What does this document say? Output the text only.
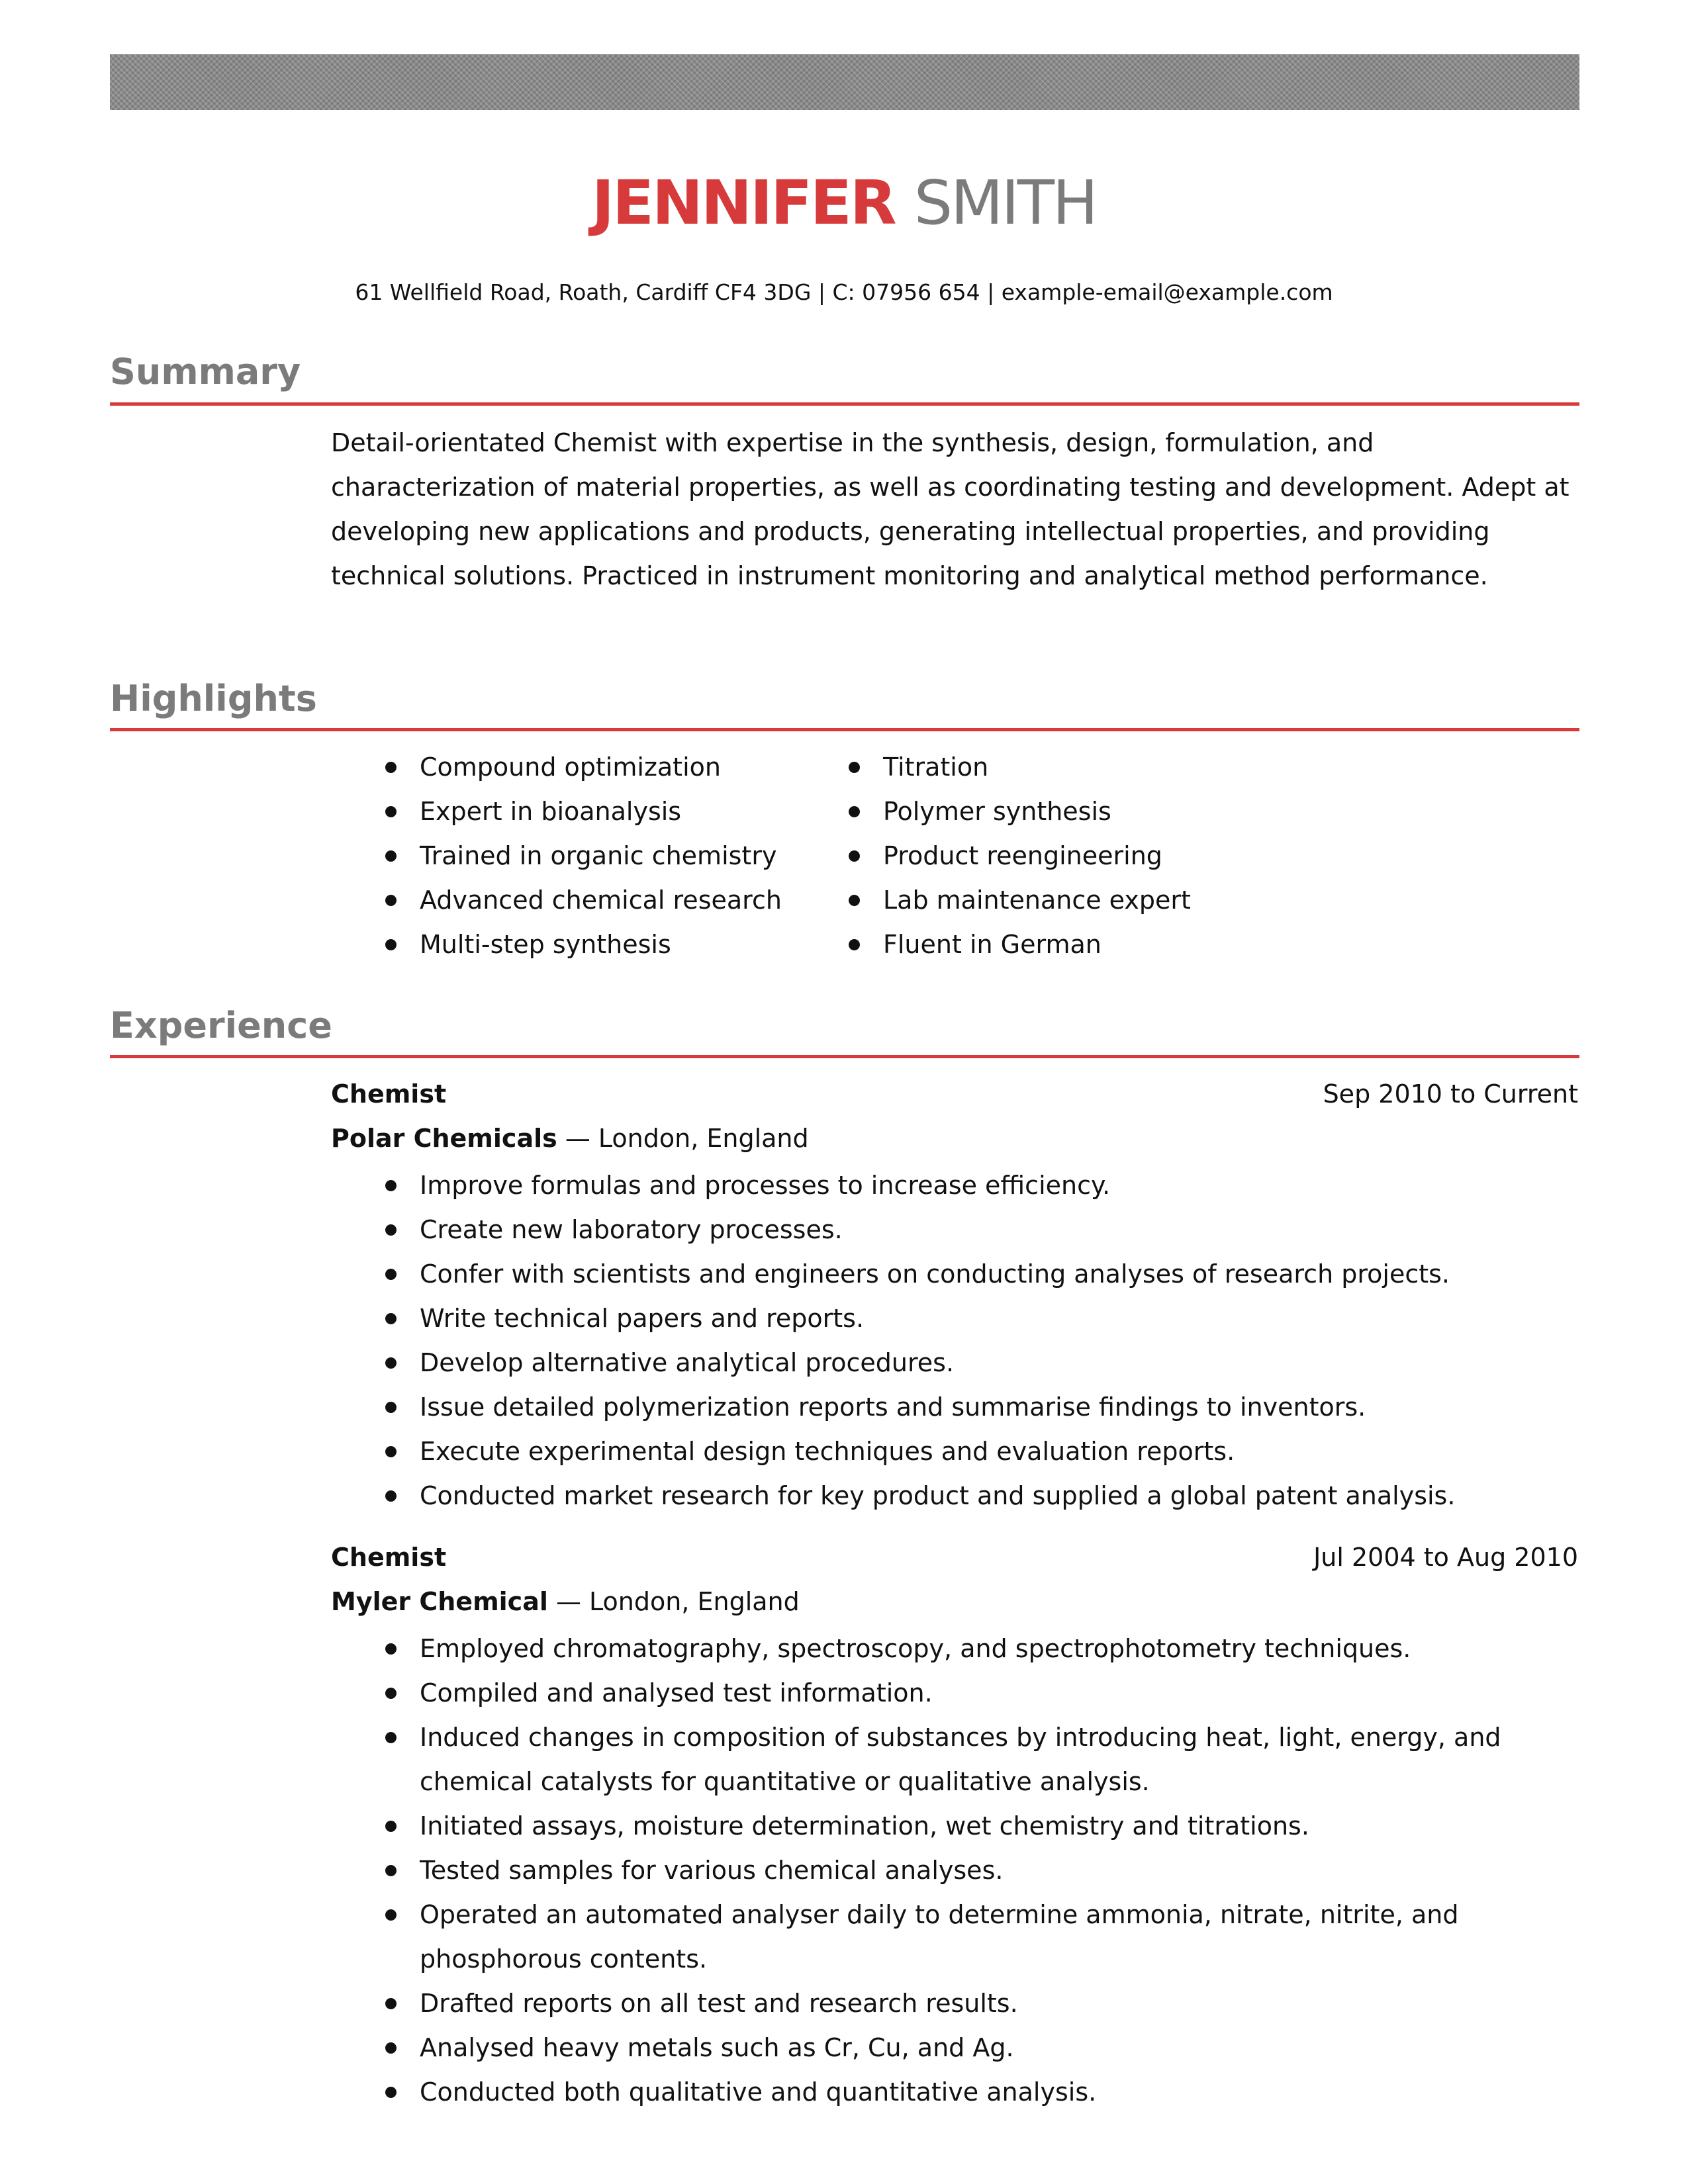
JENNIFER SMITH
61 Wellfield Road, Roath, Cardiff CF4 3DG | C: 07956 654 | example-email@example.com
Summary

Detail-orientated Chemist with expertise in the synthesis, design, formulation, and characterization of material properties, as well as coordinating testing and development. Adept at developing new applications and products, generating intellectual properties, and providing technical solutions. Practiced in instrument monitoring and analytical method performance.

Highlights
Compound optimization
Expert in bioanalysis
Trained in organic chemistry
Advanced chemical research
Multi-step synthesis
Titration
Polymer synthesis
Product reengineering
Lab maintenance expert
Fluent in German
Experience
Chemist	Sep 2010 to Current
Polar Chemicals — London, England
Improve formulas and processes to increase efficiency.
Create new laboratory processes.
Confer with scientists and engineers on conducting analyses of research projects.
Write technical papers and reports.
Develop alternative analytical procedures.
Issue detailed polymerization reports and summarise findings to inventors.
Execute experimental design techniques and evaluation reports.
Conducted market research for key product and supplied a global patent analysis.
Chemist	Jul 2004 to Aug 2010
Myler Chemical — London, England
Employed chromatography, spectroscopy, and spectrophotometry techniques.
Compiled and analysed test information.
Induced changes in composition of substances by introducing heat, light, energy, and chemical catalysts for quantitative or qualitative analysis.
Initiated assays, moisture determination, wet chemistry and titrations.
Tested samples for various chemical analyses.
Operated an automated analyser daily to determine ammonia, nitrate, nitrite, and phosphorous contents.
Drafted reports on all test and research results.
Analysed heavy metals such as Cr, Cu, and Ag.
Conducted both qualitative and quantitative analysis.
